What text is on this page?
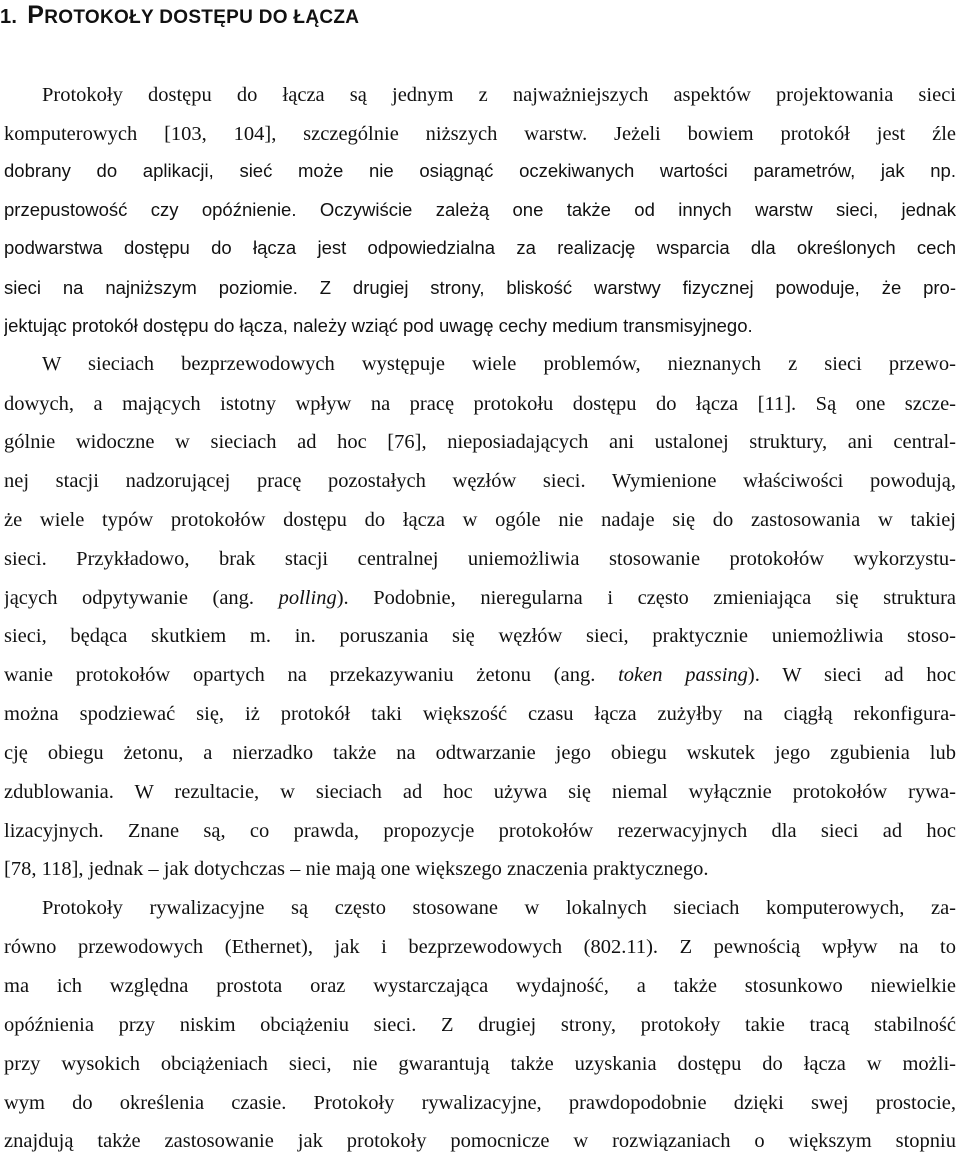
1. PROTOKOŁY DOSTĘPU DO ŁĄCZA
Protokoły dostępu do łącza są jednym z najważniejszych aspektów projektowania sieci
komputerowych [103, 104], szczególnie niższych warstw. Jeżeli bowiem protokół jest źle
dobrany do aplikacji, sieć może nie osiągnąć oczekiwanych wartości parametrów, jak np.
przepustowość czy opóźnienie. Oczywiście zależą one także od innych warstw sieci, jednak
podwarstwa dostępu do łącza jest odpowiedzialna za realizację wsparcia dla określonych cech
sieci na najniższym poziomie. Z drugiej strony, bliskość warstwy fizycznej powoduje, że pro-
jektując protokół dostępu do łącza, należy wziąć pod uwagę cechy medium transmisyjnego.
W sieciach bezprzewodowych występuje wiele problemów, nieznanych z sieci przewo-
dowych, a mających istotny wpływ na pracę protokołu dostępu do łącza [11]. Są one szcze-
gólnie widoczne w sieciach ad hoc [76], nieposiadających ani ustalonej struktury, ani central-
nej stacji nadzorującej pracę pozostałych węzłów sieci. Wymienione właściwości powodują,
że wiele typów protokołów dostępu do łącza w ogóle nie nadaje się do zastosowania w takiej
sieci. Przykładowo, brak stacji centralnej uniemożliwia stosowanie protokołów wykorzystu-
jących odpytywanie (ang. polling). Podobnie, nieregularna i często zmieniająca się struktura
sieci, będąca skutkiem m. in. poruszania się węzłów sieci, praktycznie uniemożliwia stoso-
wanie protokołów opartych na przekazywaniu żetonu (ang. token passing). W sieci ad hoc
można spodziewać się, iż protokół taki większość czasu łącza zużyłby na ciągłą rekonfigura-
cję obiegu żetonu, a nierzadko także na odtwarzanie jego obiegu wskutek jego zgubienia lub
zdublowania. W rezultacie, w sieciach ad hoc używa się niemal wyłącznie protokołów rywa-
lizacyjnych. Znane są, co prawda, propozycje protokołów rezerwacyjnych dla sieci ad hoc
[78, 118], jednak – jak dotychczas – nie mają one większego znaczenia praktycznego.
Protokoły rywalizacyjne są często stosowane w lokalnych sieciach komputerowych, za-
równo przewodowych (Ethernet), jak i bezprzewodowych (802.11). Z pewnością wpływ na to
ma ich względna prostota oraz wystarczająca wydajność, a także stosunkowo niewielkie
opóźnienia przy niskim obciążeniu sieci. Z drugiej strony, protokoły takie tracą stabilność
przy wysokich obciążeniach sieci, nie gwarantują także uzyskania dostępu do łącza w możli-
wym do określenia czasie. Protokoły rywalizacyjne, prawdopodobnie dzięki swej prostocie,
znajdują także zastosowanie jak protokoły pomocnicze w rozwiązaniach o większym stopniu
